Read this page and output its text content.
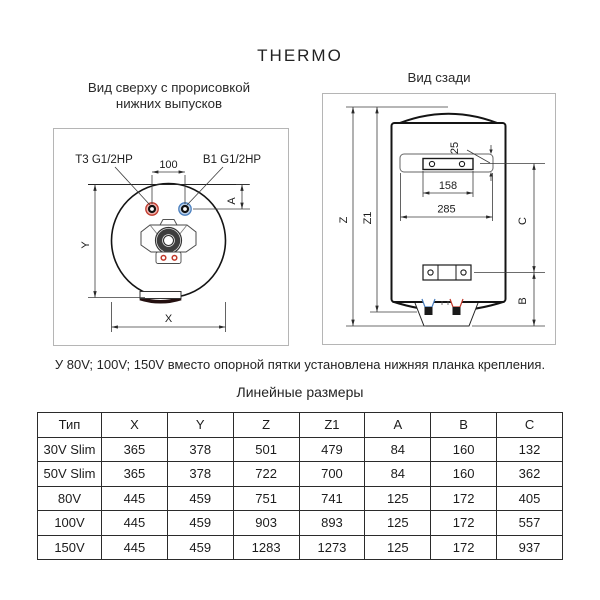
THERMO
Вид сверху с прорисовкой
нижних выпусков
Вид сзади
100
Т3 G1/2НР	В1 G1/2НР
A
Y
X
25
158
285
Z Z1	C
B
У 80V; 100V; 150V вместо опорной пятки установлена нижняя планка крепления.
Линейные размеры
Тип	X	Y	Z	Z1	A	B	C
30V Slim	365	378	501	479	84	160	132
50V Slim	365	378	722	700	84	160	362
80V	445	459	751	741	125	172	405
100V	445	459	903	893	125	172	557
150V	445	459	1283	1273	125	172	937
